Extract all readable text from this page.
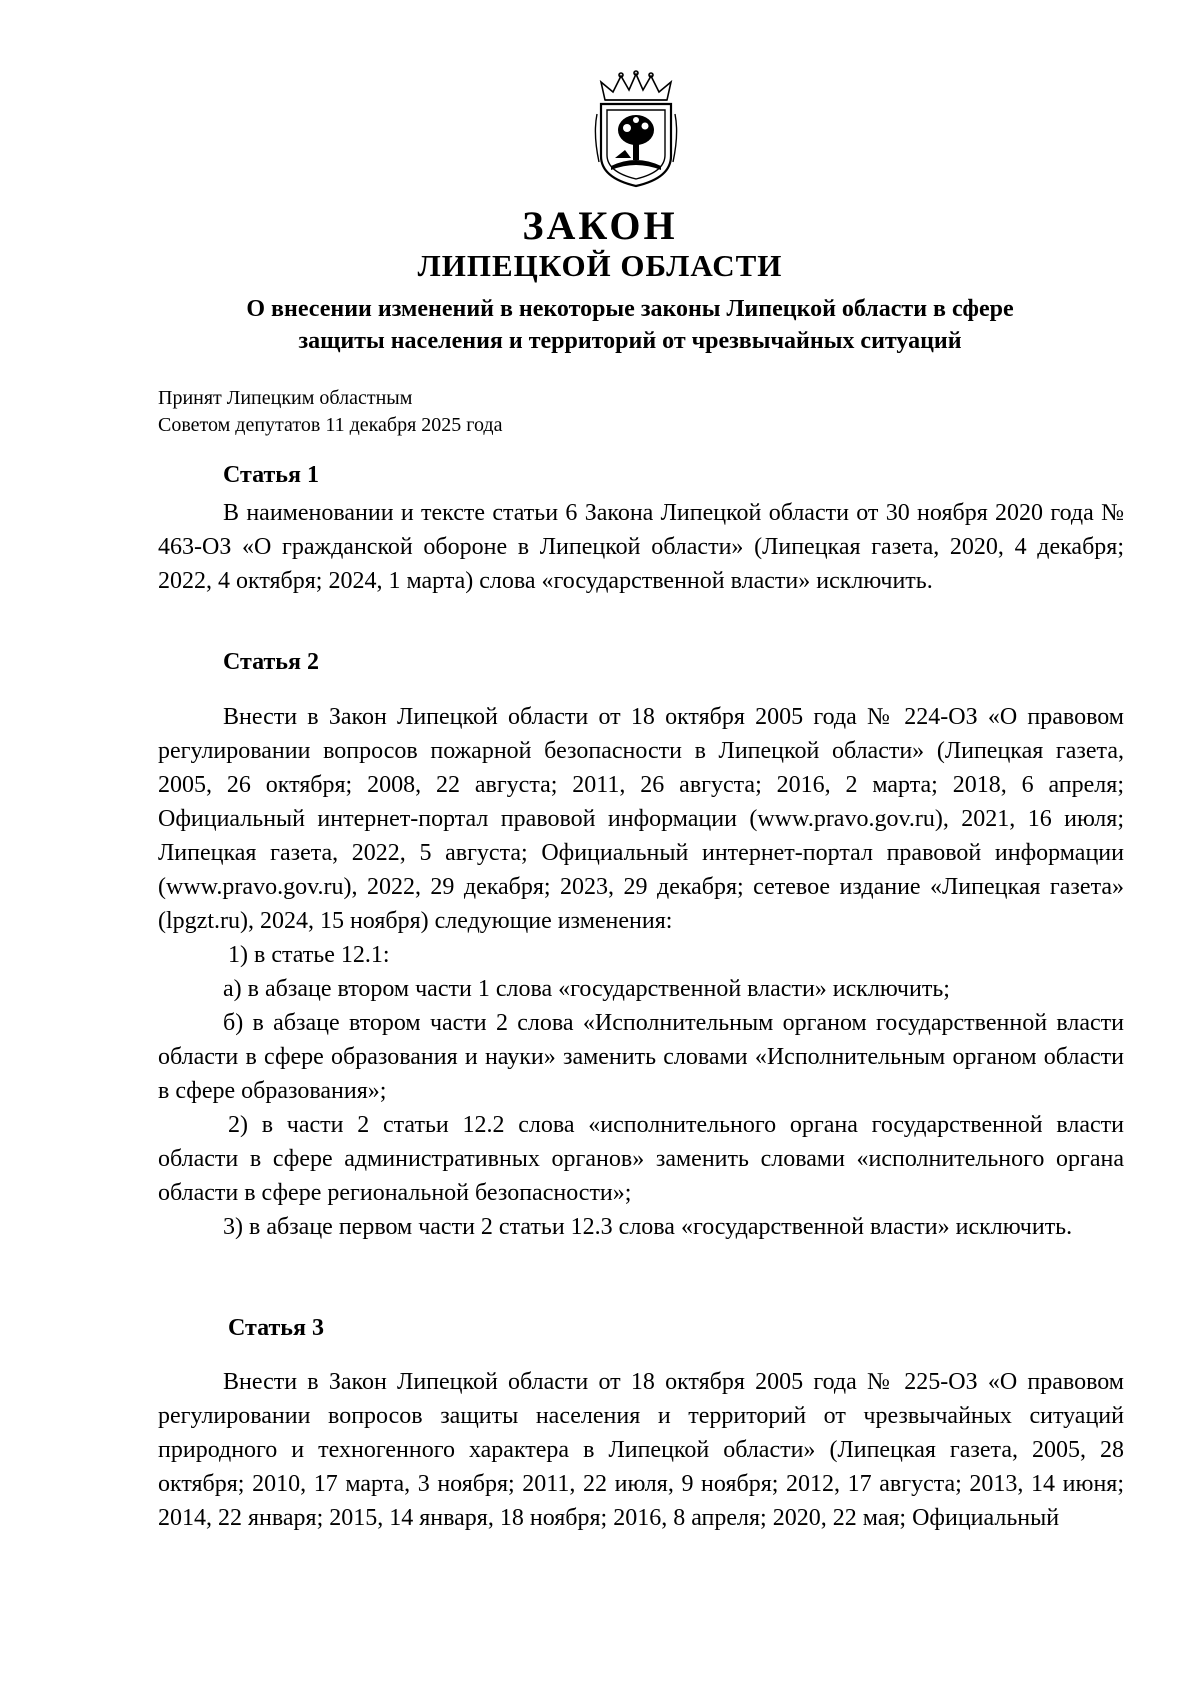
ЗАКОН
ЛИПЕЦКОЙ ОБЛАСТИ
О внесении изменений в некоторые законы Липецкой области в сфере
защиты населения и территорий от чрезвычайных ситуаций
Принят Липецким областным
Советом депутатов 11 декабря 2025 года
Статья 1

В наименовании и тексте статьи 6 Закона Липецкой области от 30 ноября 2020 года № 463-ОЗ «О гражданской обороне в Липецкой области» (Липецкая газета, 2020, 4 декабря; 2022, 4 октября; 2024, 1 марта) слова «государственной власти» исключить.

Статья 2

Внести в Закон Липецкой области от 18 октября 2005 года № 224-ОЗ «О правовом регулировании вопросов пожарной безопасности в Липецкой области» (Липецкая газета, 2005, 26 октября; 2008, 22 августа; 2011, 26 августа; 2016, 2 марта; 2018, 6 апреля; Официальный интернет-портал правовой информации (www.pravo.gov.ru), 2021, 16 июля; Липецкая газета, 2022, 5 августа; Официальный интернет-портал правовой информации (www.pravo.gov.ru), 2022, 29 декабря; 2023, 29 декабря; сетевое издание «Липецкая газета» (lpgzt.ru), 2024, 15 ноября) следующие изменения:

1) в статье 12.1:

а) в абзаце втором части 1 слова «государственной власти» исключить;

б) в абзаце втором части 2 слова «Исполнительным органом государственной власти области в сфере образования и науки» заменить словами «Исполнительным органом области в сфере образования»;

2) в части 2 статьи 12.2 слова «исполнительного органа государственной власти области в сфере административных органов» заменить словами «исполнительного органа области в сфере региональной безопасности»;

3) в абзаце первом части 2 статьи 12.3 слова «государственной власти» исключить.

Статья 3

Внести в Закон Липецкой области от 18 октября 2005 года № 225-ОЗ «О правовом регулировании вопросов защиты населения и территорий от чрезвычайных ситуаций природного и техногенного характера в Липецкой области» (Липецкая газета, 2005, 28 октября; 2010, 17 марта, 3 ноября; 2011, 22 июля, 9 ноября; 2012, 17 августа; 2013, 14 июня; 2014, 22 января; 2015, 14 января, 18 ноября; 2016, 8 апреля; 2020, 22 мая; Официальный
